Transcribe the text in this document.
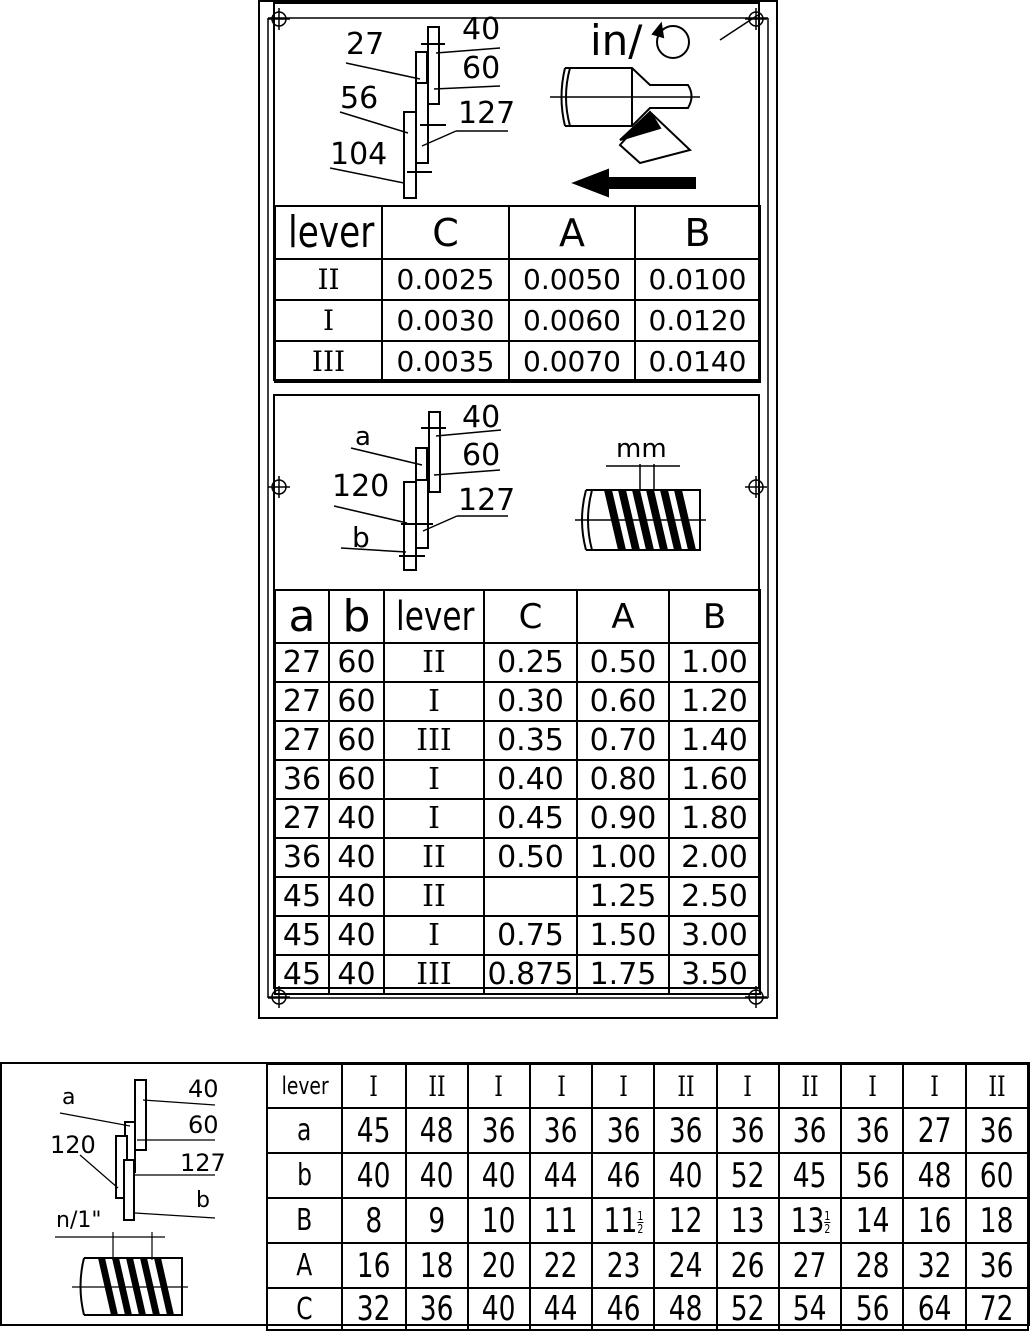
27
56
104
40
60
127
in/
lever	C	A	B
II	0.0025	0.0050	0.0100
I	0.0030	0.0060	0.0120
III	0.0035	0.0070	0.0140
a
120
b
40
60
127
mm
a	b	lever	C	A	B
27	60	II	0.25	0.50	1.00
27	60	I	0.30	0.60	1.20
27	60	III	0.35	0.70	1.40
36	60	I	0.40	0.80	1.60
27	40	I	0.45	0.90	1.80
36	40	II	0.50	1.00	2.00
45	40	II		1.25	2.50
45	40	I	0.75	1.50	3.00
45	40	III	0.875	1.75	3.50
a
120
40
60
127
b
n/1"
lever	I	II	I	I	I	II	I	II	I	I	II
a	45	48	36	36	36	36	36	36	36	27	36
b	40	40	40	44	46	40	52	45	56	48	60
B	8	9	10	11	$11 \frac{1}{2}$	12	13	$13 \frac{1}{2}$	14	16	18
A	16	18	20	22	23	24	26	27	28	32	36
C	32	36	40	44	46	48	52	54	56	64	72
